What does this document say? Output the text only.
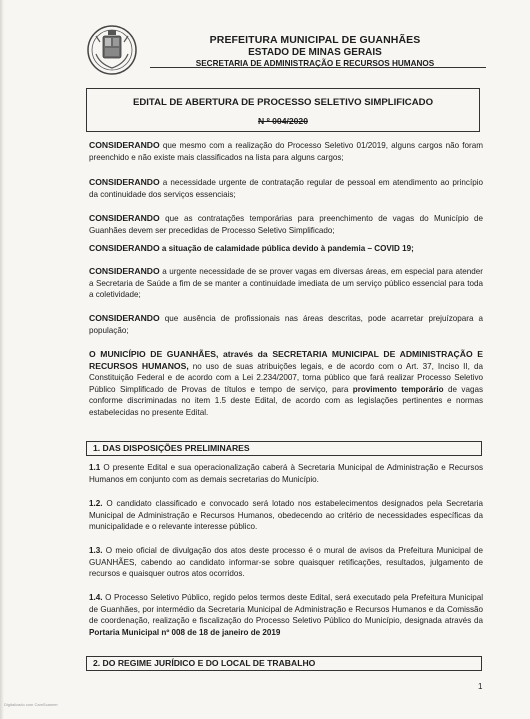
PREFEITURA MUNICIPAL DE GUANHÃES
ESTADO DE MINAS GERAIS
SECRETARIA DE ADMINISTRAÇÃO E RECURSOS HUMANOS
EDITAL DE ABERTURA DE PROCESSO SELETIVO SIMPLIFICADO
N º 004/2020
CONSIDERANDO que mesmo com a realização do Processo Seletivo 01/2019, alguns cargos não foram preenchido e não existe mais classificados na lista para alguns cargos;
CONSIDERANDO a necessidade urgente de contratação regular de pessoal em atendimento ao princípio da continuidade dos serviços essenciais;
CONSIDERANDO que as contratações temporárias para preenchimento de vagas do Município de Guanhães devem ser precedidas de Processo Seletivo Simplificado;
CONSIDERANDO a situação de calamidade pública devido à pandemia – COVID 19;
CONSIDERANDO a urgente necessidade de se prover vagas em diversas áreas, em especial para atender a Secretaria de Saúde a fim de se manter a continuidade imediata de um serviço público essencial para toda a coletividade;
CONSIDERANDO que ausência de profissionais nas áreas descritas, pode acarretar prejuízopara a população;
O MUNICÍPIO DE GUANHÃES, através da SECRETARIA MUNICIPAL DE ADMINISTRAÇÃO E RECURSOS HUMANOS, no uso de suas atribuições legais, e de acordo com o Art. 37, Inciso II, da Constituição Federal e de acordo com a Lei 2.234/2007, torna público que fará realizar Processo Seletivo Público Simplificado de Provas de títulos e tempo de serviço, para provimento temporário de vagas conforme discriminadas no item 1.5 deste Edital, de acordo com as legislações pertinentes e normas estabelecidas no presente Edital.
1. DAS DISPOSIÇÕES PRELIMINARES
1.1 O presente Edital e sua operacionalização caberá à Secretaria Municipal de Administração e Recursos Humanos em conjunto com as demais secretarias do Município.
1.2. O candidato classificado e convocado será lotado nos estabelecimentos designados pela Secretaria Municipal de Administração e Recursos Humanos, obedecendo ao critério de necessidades específicas da municipalidade e o relevante interesse público.
1.3. O meio oficial de divulgação dos atos deste processo é o mural de avisos da Prefeitura Municipal de GUANHÃES, cabendo ao candidato informar-se sobre quaisquer retificações, resultados, julgamento de recursos e quaisquer outros atos ocorridos.
1.4. O Processo Seletivo Público, regido pelos termos deste Edital, será executado pela Prefeitura Municipal de Guanhães, por intermédio da Secretaria Municipal de Administração e Recursos Humanos e da Comissão de coordenação, realização e fiscalização do Processo Seletivo Público do Município, designada através da Portaria Municipal nº 008 de 18 de janeiro de 2019
2. DO REGIME JURÍDICO E DO LOCAL DE TRABALHO
1
Digitalizado com CamScanner
